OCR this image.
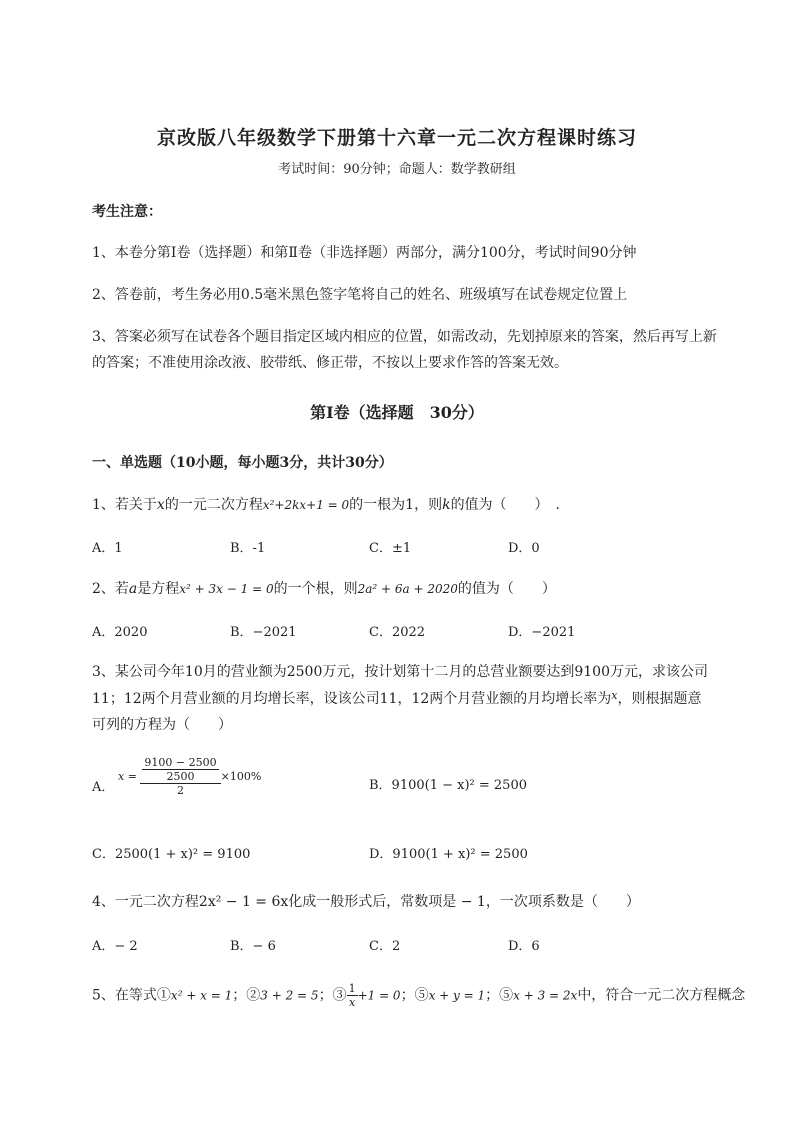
京改版八年级数学下册第十六章一元二次方程课时练习
考试时间：90分钟；命题人：数学教研组
考生注意：
1、本卷分第I卷（选择题）和第Ⅱ卷（非选择题）两部分，满分100分，考试时间90分钟
2、答卷前，考生务必用0.5毫米黑色签字笔将自己的姓名、班级填写在试卷规定位置上
3、答案必须写在试卷各个题目指定区域内相应的位置，如需改动，先划掉原来的答案，然后再写上新
的答案；不准使用涂改液、胶带纸、修正带，不按以上要求作答的答案无效。
第I卷（选择题　30分）
一、单选题（10小题，每小题3分，共计30分）
1、若关于x的一元二次方程x²+2kx+1 = 0的一根为1，则k的值为（　　）　.
A．1	B．-1	C．±1	D．0
2、若a是方程x² + 3x − 1 = 0的一个根，则2a² + 6a + 2020的值为（　　）
A．2020	B．−2021	C．2022	D．−2021
3、某公司今年10月的营业额为2500万元，按计划第十二月的总营业额要达到9100万元，求该公司
11；12两个月营业额的月均增长率，设该公司11，12两个月营业额的月均增长率为$^x$，则根据题意
可列的方程为（　　）
A．
$x = \frac{\frac{9100 - 2500}{2500}}{2} \times 100\%$
B．9100(1 − x)² = 2500
C．2500(1 + x)² = 9100	D．9100(1 + x)² = 2500
4、一元二次方程2x² − 1 = 6x化成一般形式后，常数项是 − 1，一次项系数是（　　）
A．− 2	B．− 6	C．2	D．6
5、在等式①x² + x = 1；②3 + 2 = 5；③ $\frac{1}{x} +1 = 0$；⑤x + y = 1；⑤x + 3 = 2x中，符合一元二次方程概念
